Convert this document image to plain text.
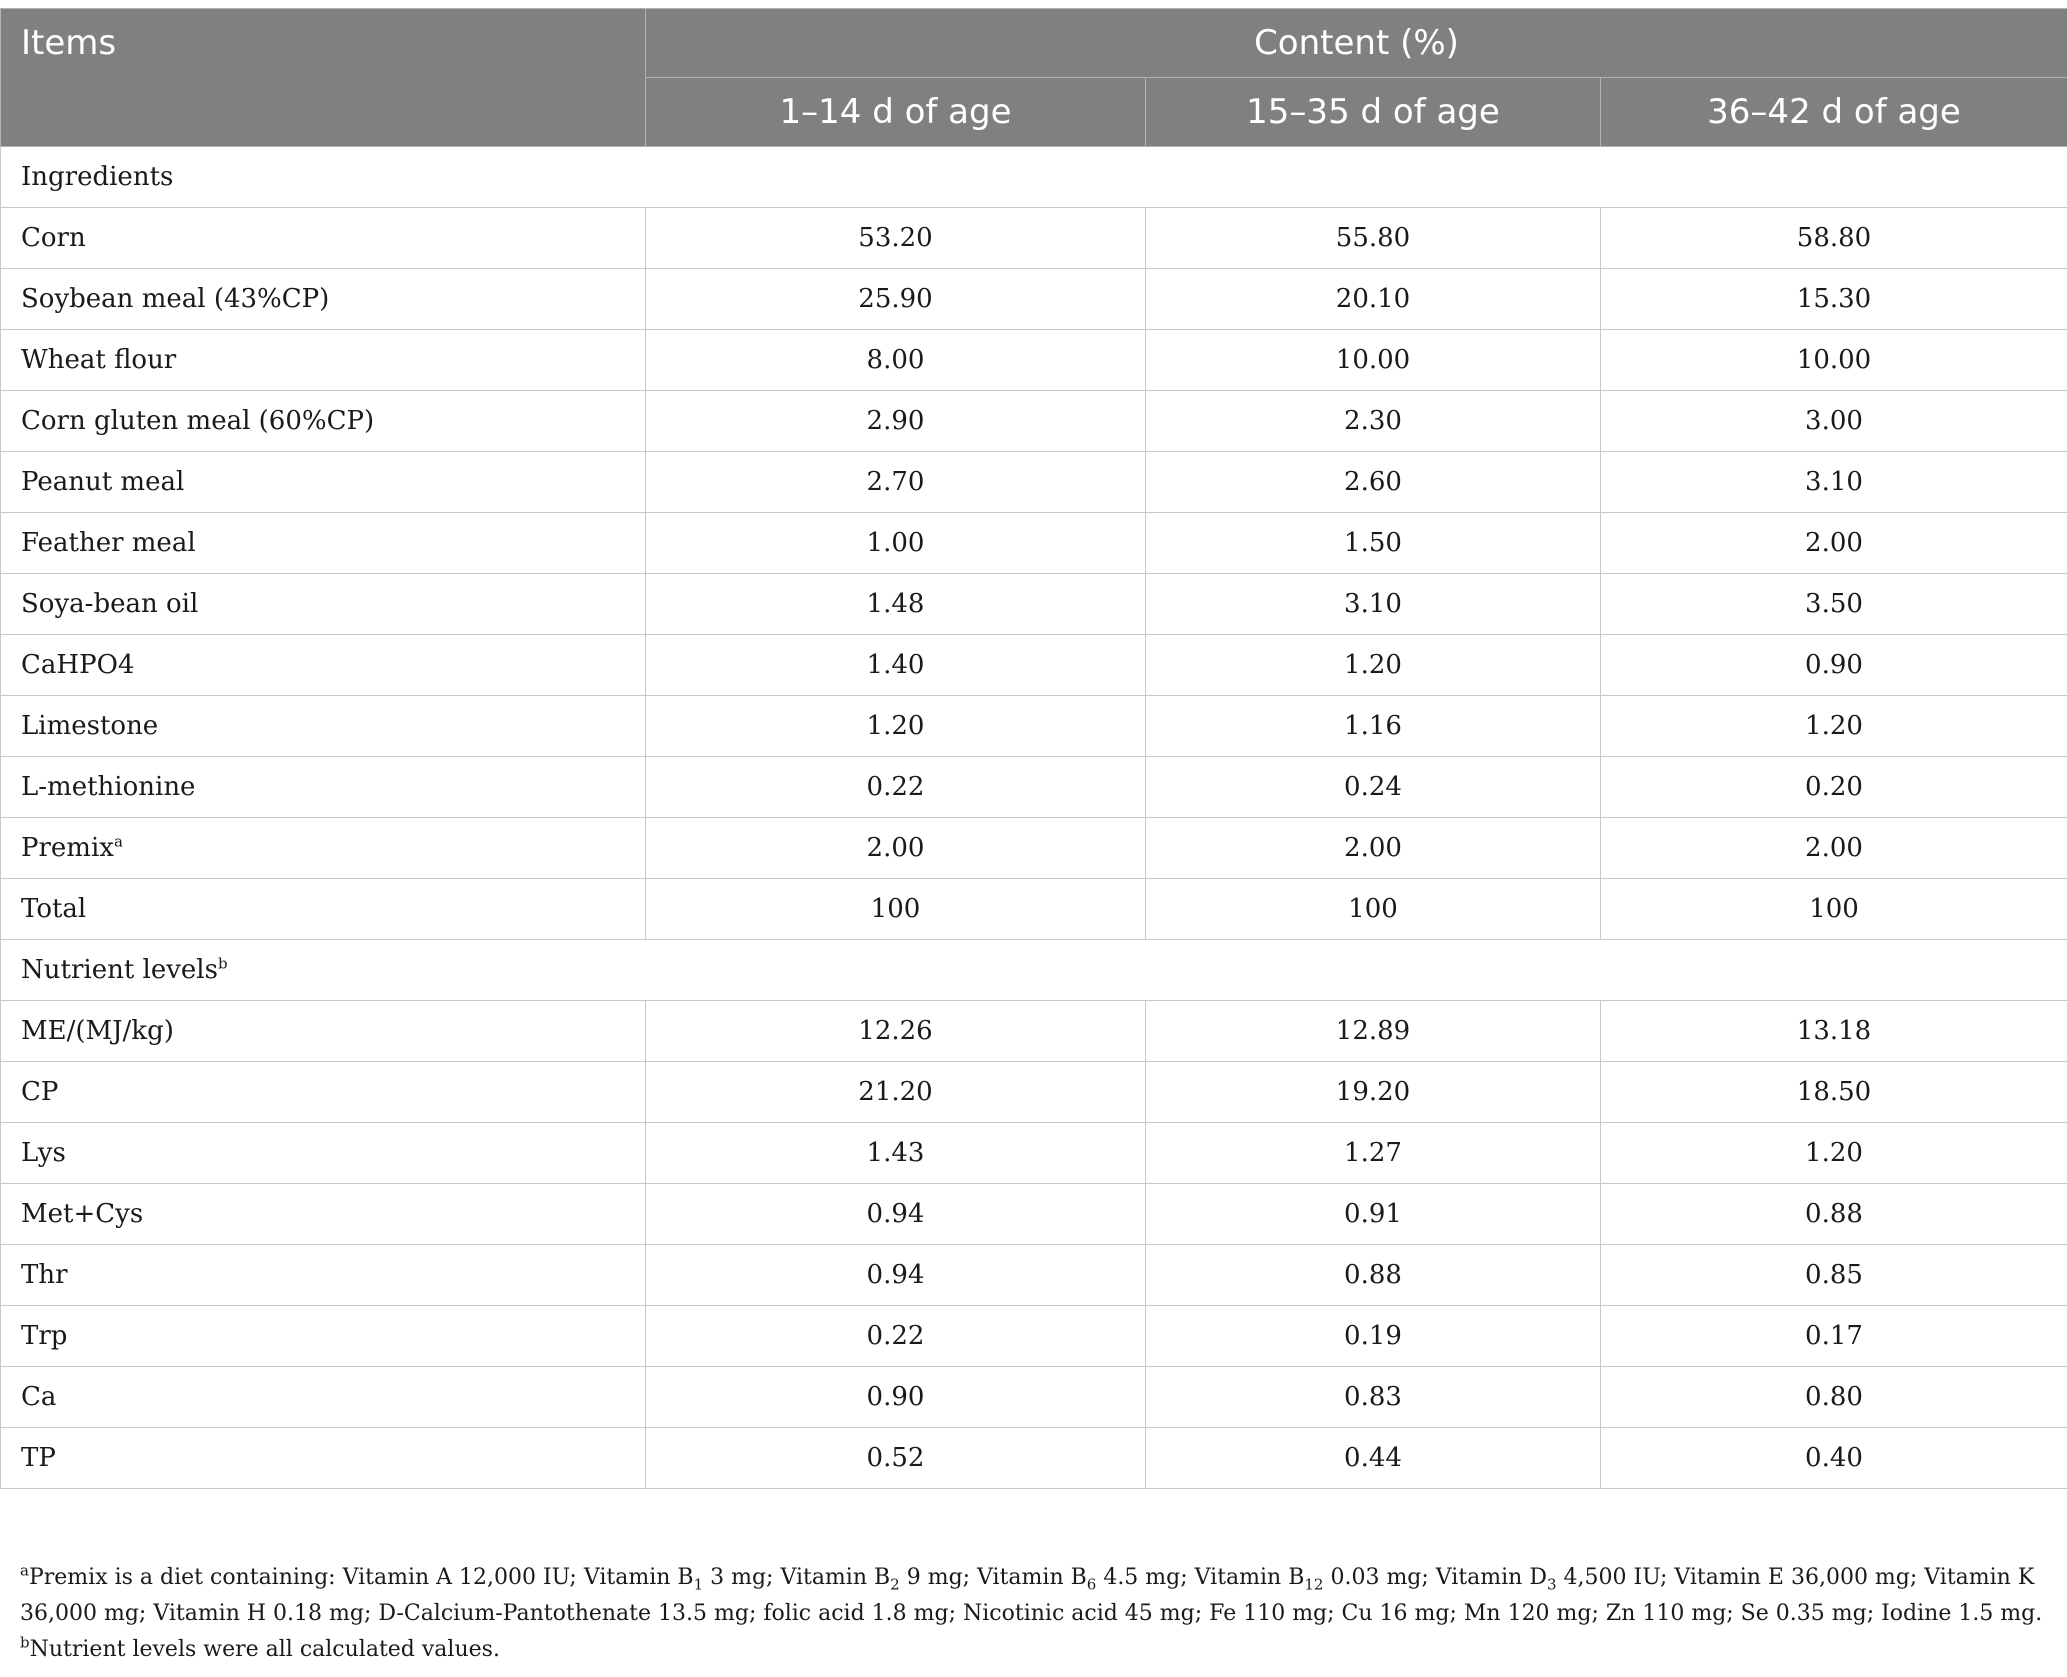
Items	Content (%)		
	1–14 d of age	15–35 d of age	36–42 d of age
Ingredients			
Corn	53.20	55.80	58.80
Soybean meal (43%CP)	25.90	20.10	15.30
Wheat flour	8.00	10.00	10.00
Corn gluten meal (60%CP)	2.90	2.30	3.00
Peanut meal	2.70	2.60	3.10
Feather meal	1.00	1.50	2.00
Soya-bean oil	1.48	3.10	3.50
CaHPO4	1.40	1.20	0.90
Limestone	1.20	1.16	1.20
L-methionine	0.22	0.24	0.20
Premix$^a$	2.00	2.00	2.00
Total	100	100	100
Nutrient levels$^b$
ME/(MJ/kg)	12.26	12.89	13.18
CP	21.20	19.20	18.50
Lys	1.43	1.27	1.20
Met+Cys	0.94	0.91	0.88
Thr	0.94	0.88	0.85
Trp	0.22	0.19	0.17
Ca	0.90	0.83	0.80
TP	0.52	0.44	0.40

$^a$Premix is a diet containing: Vitamin A 12,000 IU; Vitamin $B_1$ 3 mg; Vitamin $B_2$ 9 mg; Vitamin $B_6$ 4.5 mg; Vitamin $B_{12}$ 0.03 mg; Vitamin $D_3$ 4,500 IU; Vitamin E 36,000 mg; Vitamin K 36,000 mg; Vitamin H 0.18 mg; D-Calcium-Pantothenate 13.5 mg; folic acid 1.8 mg; Nicotinic acid 45 mg; Fe 110 mg; Cu 16 mg; Mn 120 mg; Zn 110 mg; Se 0.35 mg; Iodine 1.5 mg.

$^b$Nutrient levels were all calculated values.
